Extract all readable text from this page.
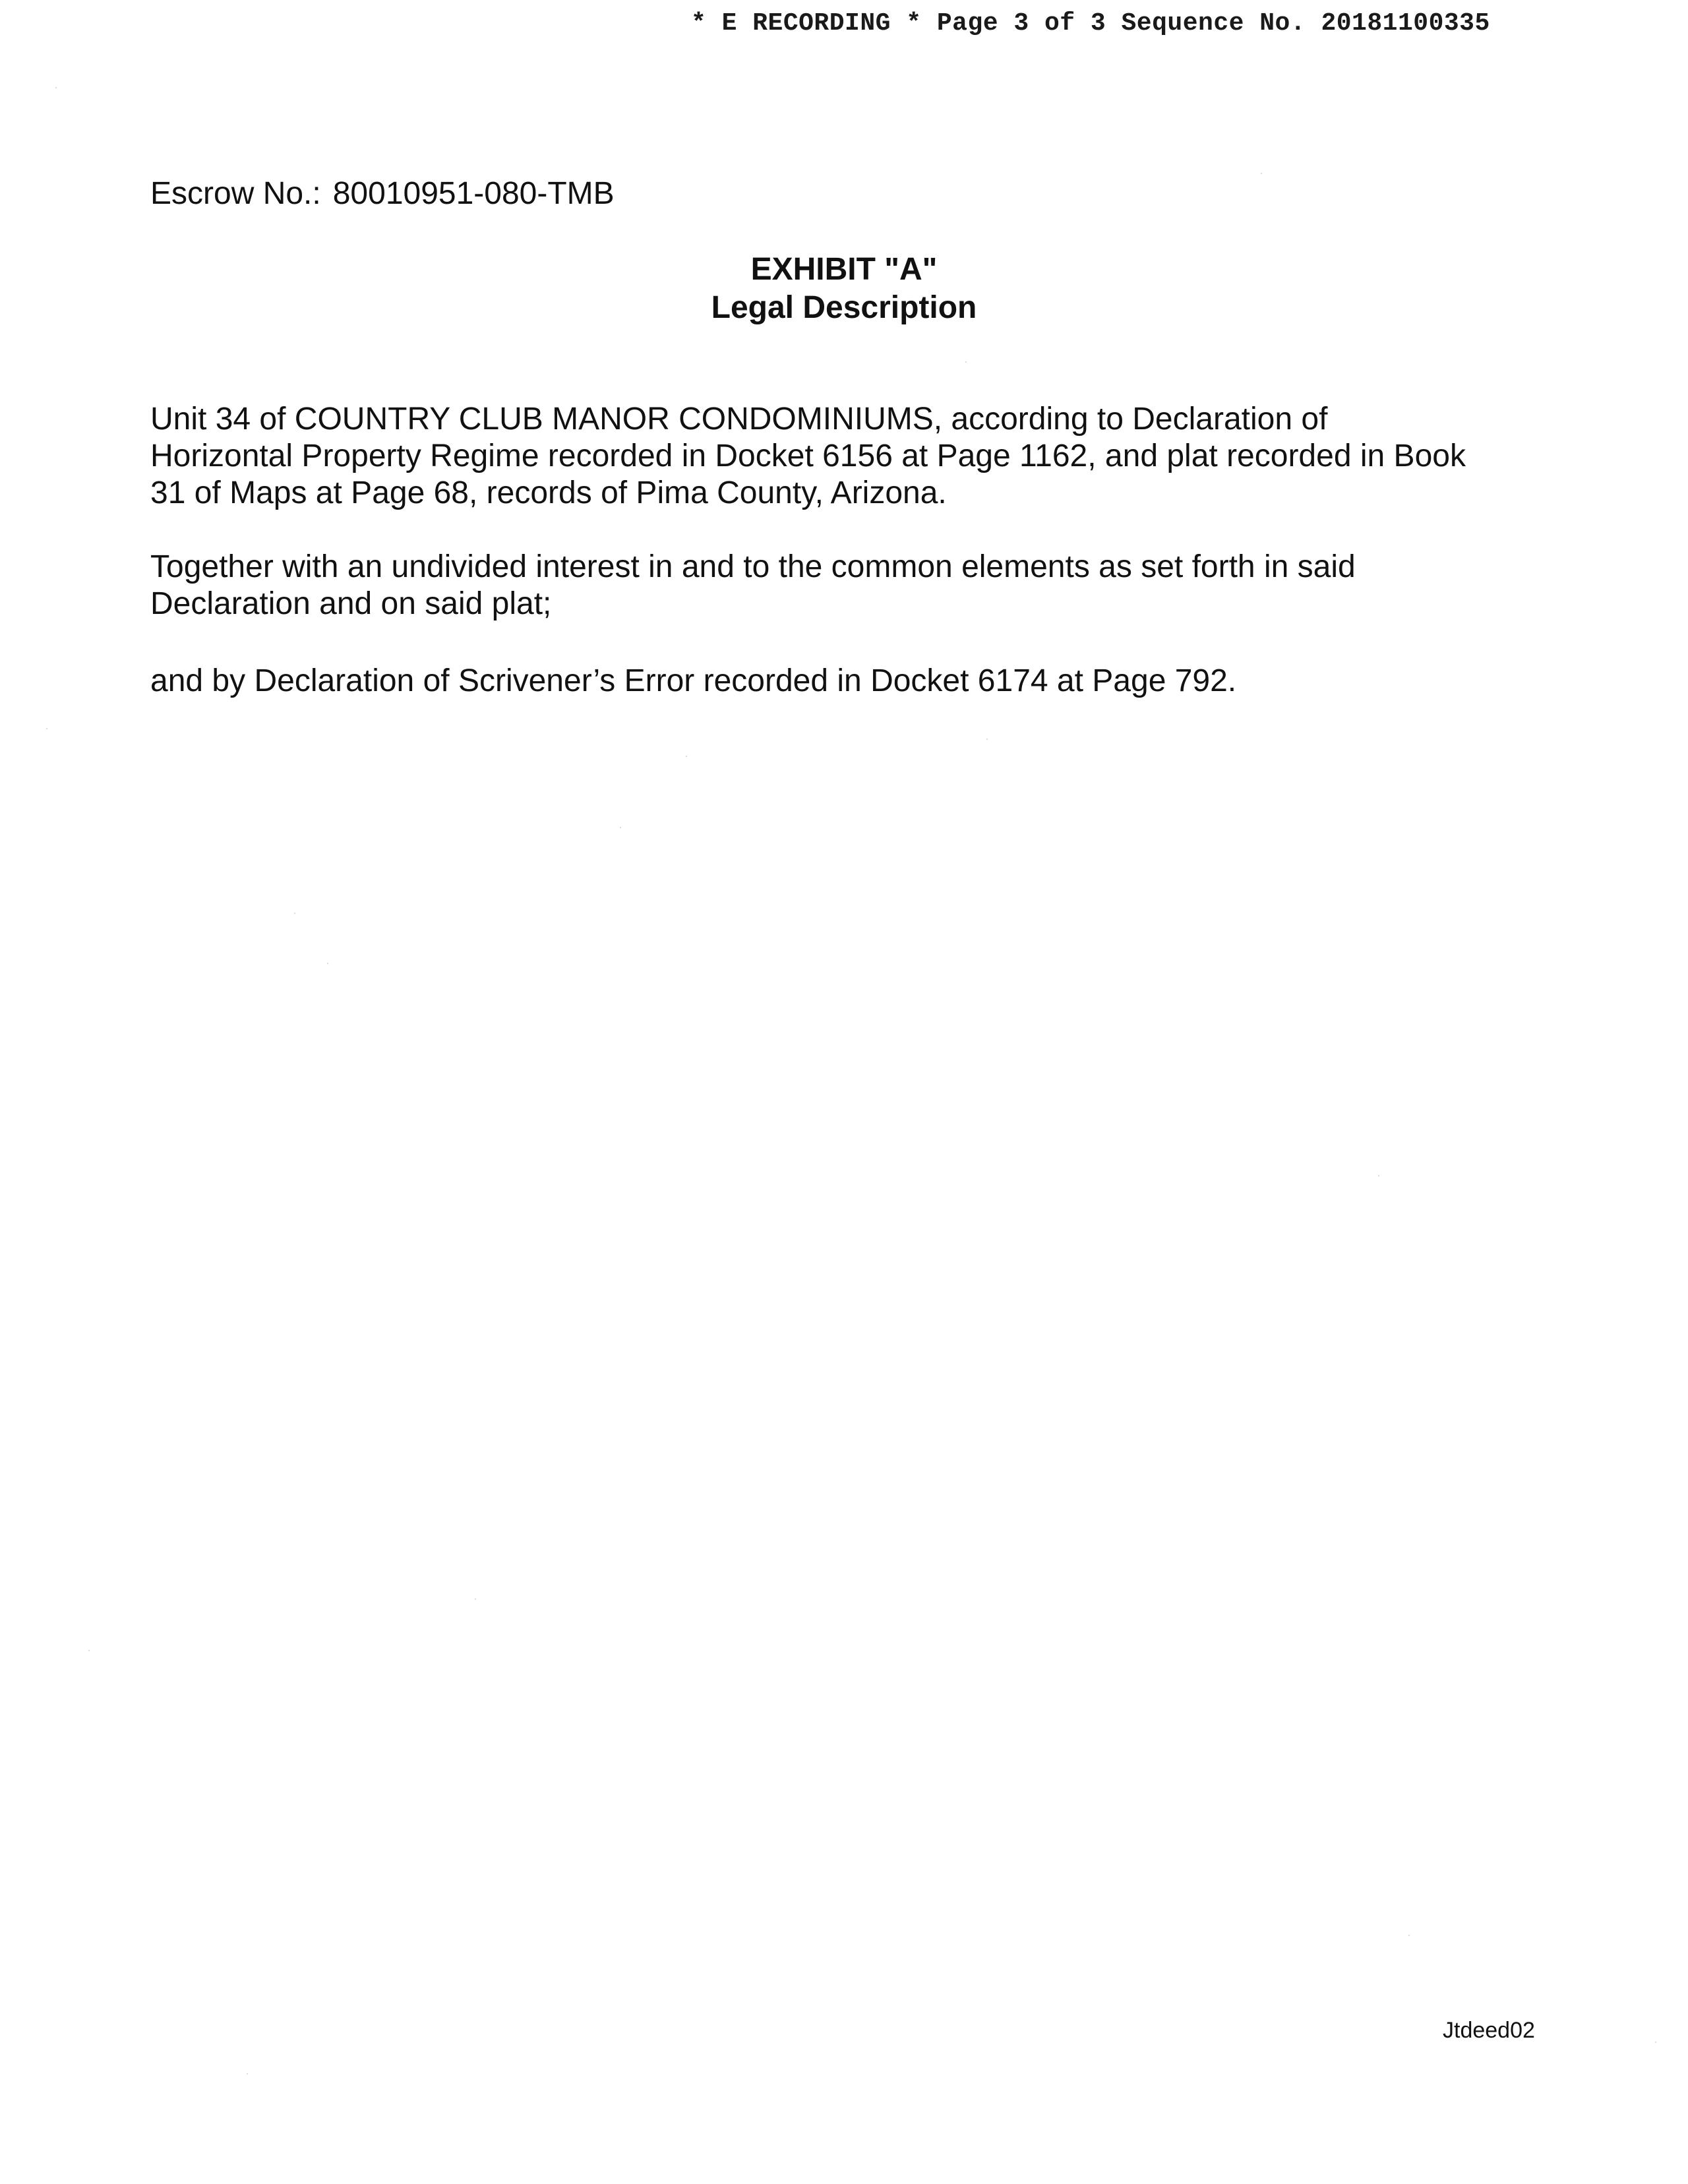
* E RECORDING * Page 3 of 3 Sequence No. 20181100335
Escrow No.: 80010951-080-TMB
EXHIBIT "A"
Legal Description
Unit 34 of COUNTRY CLUB MANOR CONDOMINIUMS, according to Declaration of
Horizontal Property Regime recorded in Docket 6156 at Page 1162, and plat recorded in Book
31 of Maps at Page 68, records of Pima County, Arizona.
Together with an undivided interest in and to the common elements as set forth in said
Declaration and on said plat;
and by Declaration of Scrivener’s Error recorded in Docket 6174 at Page 792.
Jtdeed02
